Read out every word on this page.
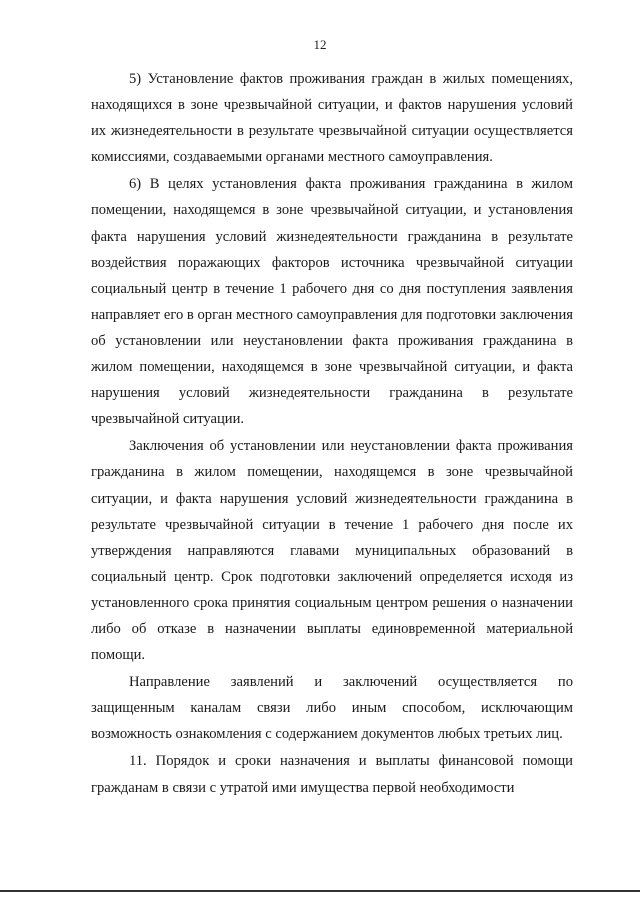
12

5) Установление фактов проживания граждан в жилых помещениях, находящихся в зоне чрезвычайной ситуации, и фактов нарушения условий их жизнедеятельности в результате чрезвычайной ситуации осуществляется комиссиями, создаваемыми органами местного самоуправления.

6) В целях установления факта проживания гражданина в жилом помещении, находящемся в зоне чрезвычайной ситуации, и установления факта нарушения условий жизнедеятельности гражданина в результате воздействия поражающих факторов источника чрезвычайной ситуации социальный центр в течение 1 рабочего дня со дня поступления заявления направляет его в орган местного самоуправления для подготовки заключения об установлении или неустановлении факта проживания гражданина в жилом помещении, находящемся в зоне чрезвычайной ситуации, и факта нарушения условий жизнедеятельности гражданина в результате чрезвычайной ситуации.

Заключения об установлении или неустановлении факта проживания гражданина в жилом помещении, находящемся в зоне чрезвычайной ситуации, и факта нарушения условий жизнедеятельности гражданина в результате чрезвычайной ситуации в течение 1 рабочего дня после их утверждения направляются главами муниципальных образований в социальный центр. Срок подготовки заключений определяется исходя из установленного срока принятия социальным центром решения о назначении либо об отказе в назначении выплаты единовременной материальной помощи.

Направление заявлений и заключений осуществляется по защищенным каналам связи либо иным способом, исключающим возможность ознакомления с содержанием документов любых третьих лиц.

11. Порядок и сроки назначения и выплаты финансовой помощи гражданам в связи с утратой ими имущества первой необходимости
